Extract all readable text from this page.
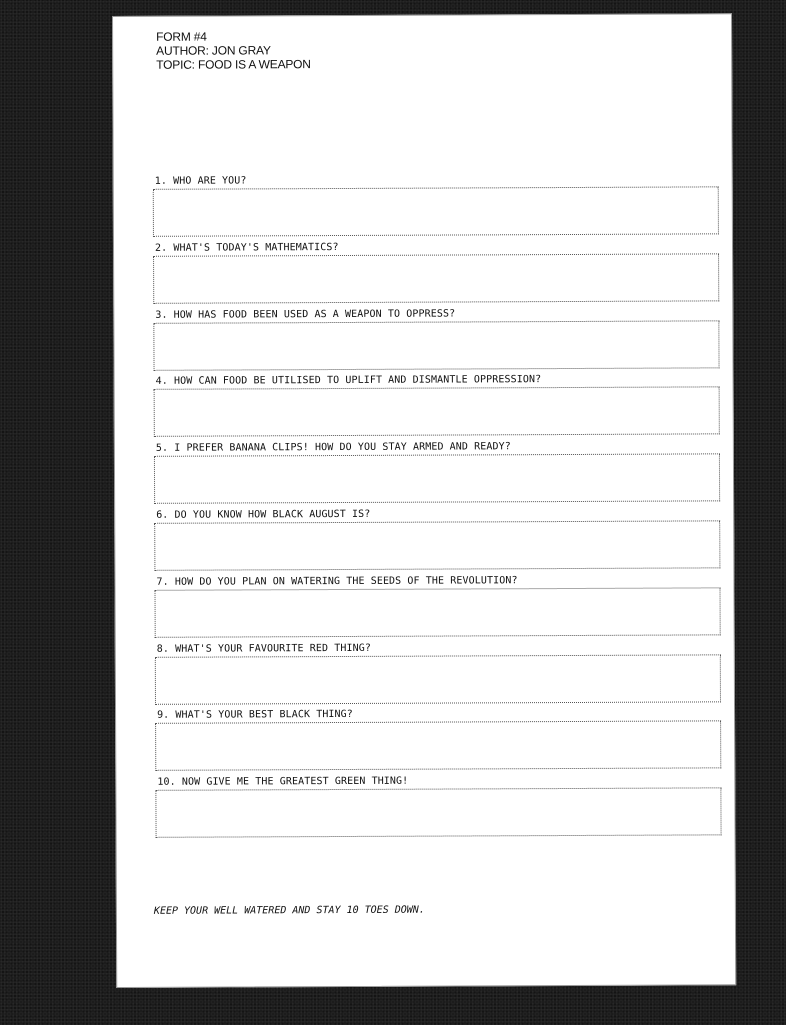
FORM #4
AUTHOR: JON GRAY
TOPIC: FOOD IS A WEAPON
1. WHO ARE YOU?
2. WHAT'S TODAY'S MATHEMATICS?
3. HOW HAS FOOD BEEN USED AS A WEAPON TO OPPRESS?
4. HOW CAN FOOD BE UTILISED TO UPLIFT AND DISMANTLE OPPRESSION?
5. I PREFER BANANA CLIPS! HOW DO YOU STAY ARMED AND READY?
6. DO YOU KNOW HOW BLACK AUGUST IS?
7. HOW DO YOU PLAN ON WATERING THE SEEDS OF THE REVOLUTION?
8. WHAT'S YOUR FAVOURITE RED THING?
9. WHAT'S YOUR BEST BLACK THING?
10. NOW GIVE ME THE GREATEST GREEN THING!
KEEP YOUR WELL WATERED AND STAY 10 TOES DOWN.
